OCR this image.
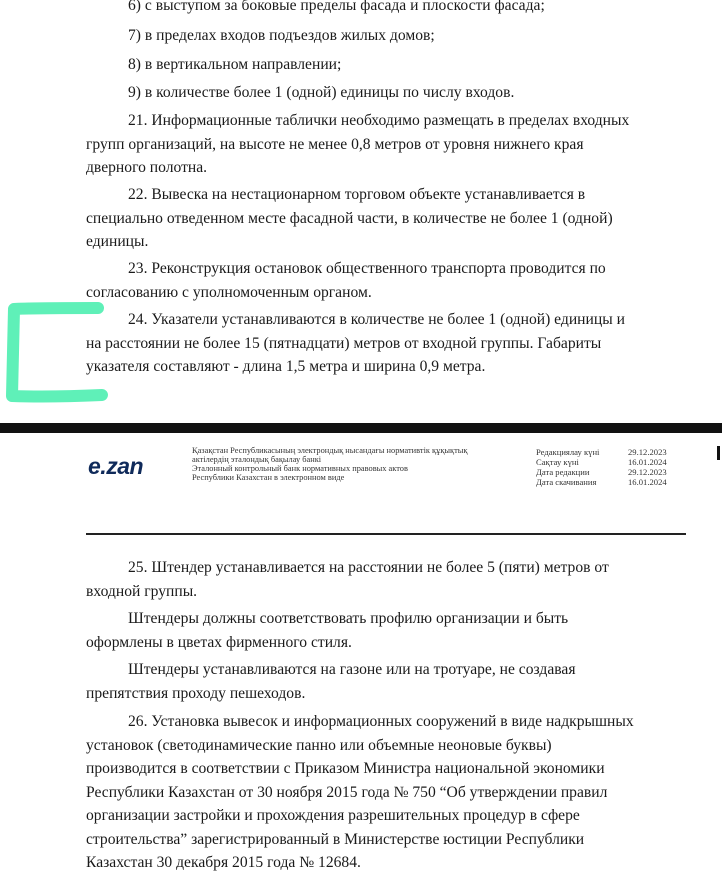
6) с выступом за боковые пределы фасада и плоскости фасада;
7) в пределах входов подъездов жилых домов;
8) в вертикальном направлении;
9) в количестве более 1 (одной) единицы по числу входов.
21. Информационные таблички необходимо размещать в пределах входных
групп организаций, на высоте не менее 0,8 метров от уровня нижнего края
дверного полотна.
22. Вывеска на нестационарном торговом объекте устанавливается в
специально отведенном месте фасадной части, в количестве не более 1 (одной)
единицы.
23. Реконструкция остановок общественного транспорта проводится по
согласованию с уполномоченным органом.
24. Указатели устанавливаются в количестве не более 1 (одной) единицы и
на расстоянии не более 15 (пятнадцати) метров от входной группы. Габариты
указателя составляют - длина 1,5 метра и ширина 0,9 метра.
e.zan
Қазақстан Республикасының электрондық нысандағы нормативтік құқықтық
актілердің эталондық бақылау банкі
Эталонный контрольный банк нормативных правовых актов
Республики Казахстан в электронном виде
Редакциялау күні	29.12.2023
Сақтау күні	16.01.2024
Дата редакции	29.12.2023
Дата скачивания	16.01.2024
25. Штендер устанавливается на расстоянии не более 5 (пяти) метров от
входной группы.
Штендеры должны соответствовать профилю организации и быть
оформлены в цветах фирменного стиля.
Штендеры устанавливаются на газоне или на тротуаре, не создавая
препятствия проходу пешеходов.
26. Установка вывесок и информационных сооружений в виде надкрышных
установок (светодинамические панно или объемные неоновые буквы)
производится в соответствии с Приказом Министра национальной экономики
Республики Казахстан от 30 ноября 2015 года № 750 “Об утверждении правил
организации застройки и прохождения разрешительных процедур в сфере
строительства” зарегистрированный в Министерстве юстиции Республики
Казахстан 30 декабря 2015 года № 12684.
